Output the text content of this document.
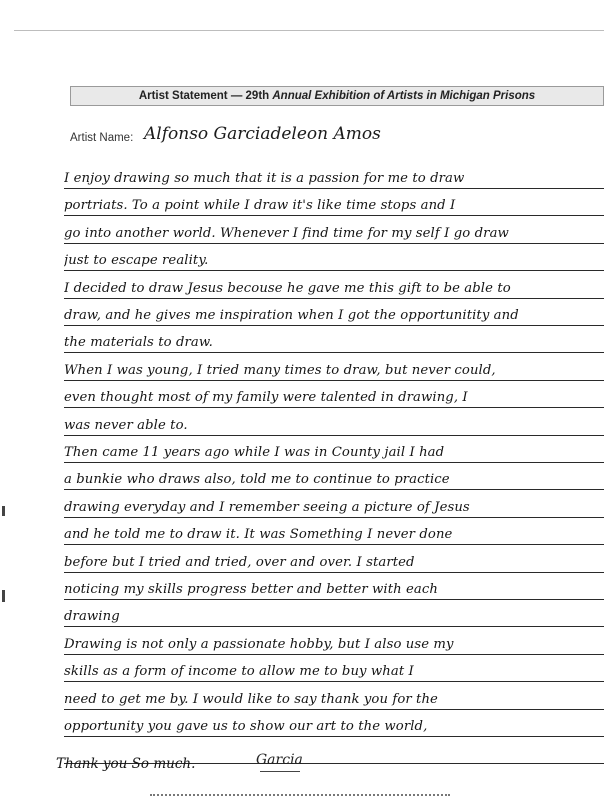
Artist Statement — 29th Annual Exhibition of Artists in Michigan Prisons
Artist Name: Alfonso Garciadeleon Amos
I enjoy drawing so much that it is a passion for me to draw
portriats. To a point while I draw it's like time stops and I
go into another world. Whenever I find time for my self I go draw
just to escape reality.
I decided to draw Jesus becouse he gave me this gift to be able to
draw, and he gives me inspiration when I got the opportunitity and
the materials to draw.
When I was young, I tried many times to draw, but never could,
even thought most of my family were talented in drawing, I
was never able to.
Then came 11 years ago while I was in County jail I had
a bunkie who draws also, told me to continue to practice
drawing everyday and I remember seeing a picture of Jesus
and he told me to draw it. It was Something I never done
before but I tried and tried, over and over. I started
noticing my skills progress better and better with each
drawing
Drawing is not only a passionate hobby, but I also use my
skills as a form of income to allow me to buy what I
need to get me by. I would like to say thank you for the
opportunity you gave us to show our art to the world,
Thank you So much.	Garcia
